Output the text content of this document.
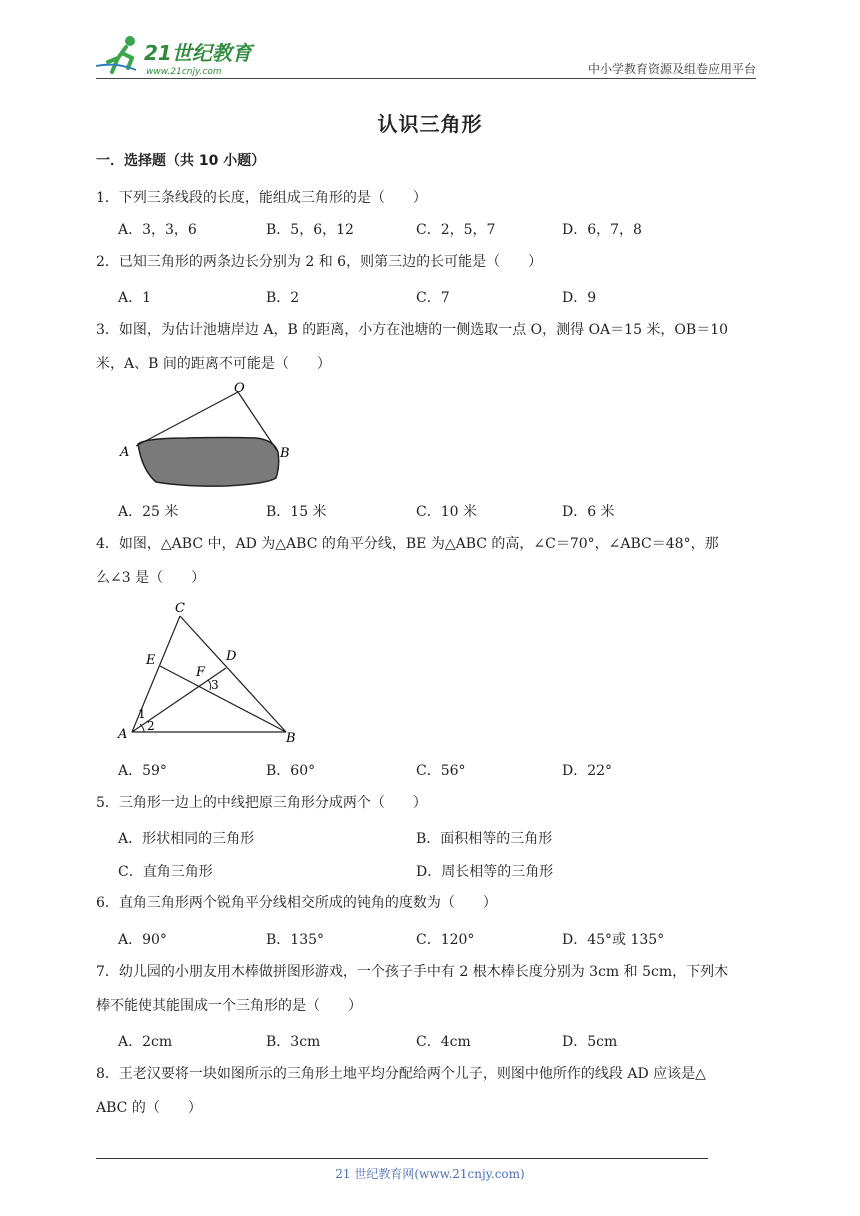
21世纪教育
www.21cnjy.com	中小学教育资源及组卷应用平台
认识三角形
一．选择题（共 10 小题）
1．下列三条线段的长度，能组成三角形的是（　　）
A．3，3，6	B．5，6，12	C．2，5，7	D．6，7，8
2．已知三角形的两条边长分别为 2 和 6，则第三边的长可能是（　　）
A．1	B．2	C．7	D．9
3．如图，为估计池塘岸边 A，B 的距离，小方在池塘的一侧选取一点 O，测得 OA＝15 米，OB＝10
米，A、B 间的距离不可能是（　　）
O
A	B
A．25 米	B．15 米	C．10 米	D．6 米
4．如图，△ABC 中，AD 为△ABC 的角平分线，BE 为△ABC 的高，∠C＝70°，∠ABC＝48°，那
么∠3 是（　　）
C
E	D
F
3
1
A
2
B
A．59°	B．60°	C．56°	D．22°
5．三角形一边上的中线把原三角形分成两个（　　）
A．形状相同的三角形	B．面积相等的三角形
C．直角三角形	D．周长相等的三角形
6．直角三角形两个锐角平分线相交所成的钝角的度数为（　　）
A．90°	B．135°	C．120°	D．45°或 135°
7．幼儿园的小朋友用木棒做拼图形游戏，一个孩子手中有 2 根木棒长度分别为 3cm 和 5cm，下列木
棒不能使其能围成一个三角形的是（　　）
A．2cm	B．3cm	C．4cm	D．5cm
8．王老汉要将一块如图所示的三角形土地平均分配给两个儿子，则图中他所作的线段 AD 应该是△
ABC 的（　　）
21 世纪教育网(www.21cnjy.com)
